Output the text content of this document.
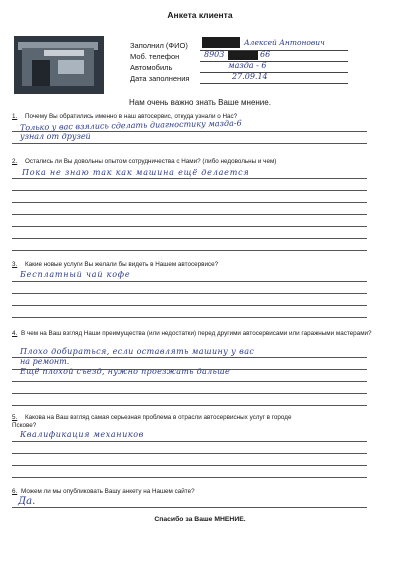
Анкета клиента
Заполнил (ФИО)	Алексей Антонович
Моб. телефон	8903	66
Автомобиль	мазда - 6
Дата заполнения	27.09.14
Нам очень важно знать Ваше мнение.
1. Почему Вы обратились именно в наш автосервис, откуда узнали о Нас?
Только у вас взялись сделать диагностику мазда-6
узнал от друзей
2. Остались ли Вы довольны опытом сотрудничества с Нами? (либо недовольны и чем)
Пока не знаю так как машина ещё делается
3. Какие новые услуги Вы желали бы видеть в Нашем автосервисе?
Бесплатный чай кофе
4. В чем на Ваш взгляд Наши преимущества (или недостатки) перед другими автосервисами или гаражными мастерами?
Плохо добираться, если оставлять машину у вас
на ремонт.
Ещё плохой съезд, нужно проезжать дальше
5. Какова на Ваш взгляд самая серьезная проблема в отрасли автосервисных услуг в городе Пскове?
Квалификация механиков
6. Можем ли мы опубликовать Вашу анкету на Нашем сайте?
Да.
Спасибо за Ваше МНЕНИЕ.
